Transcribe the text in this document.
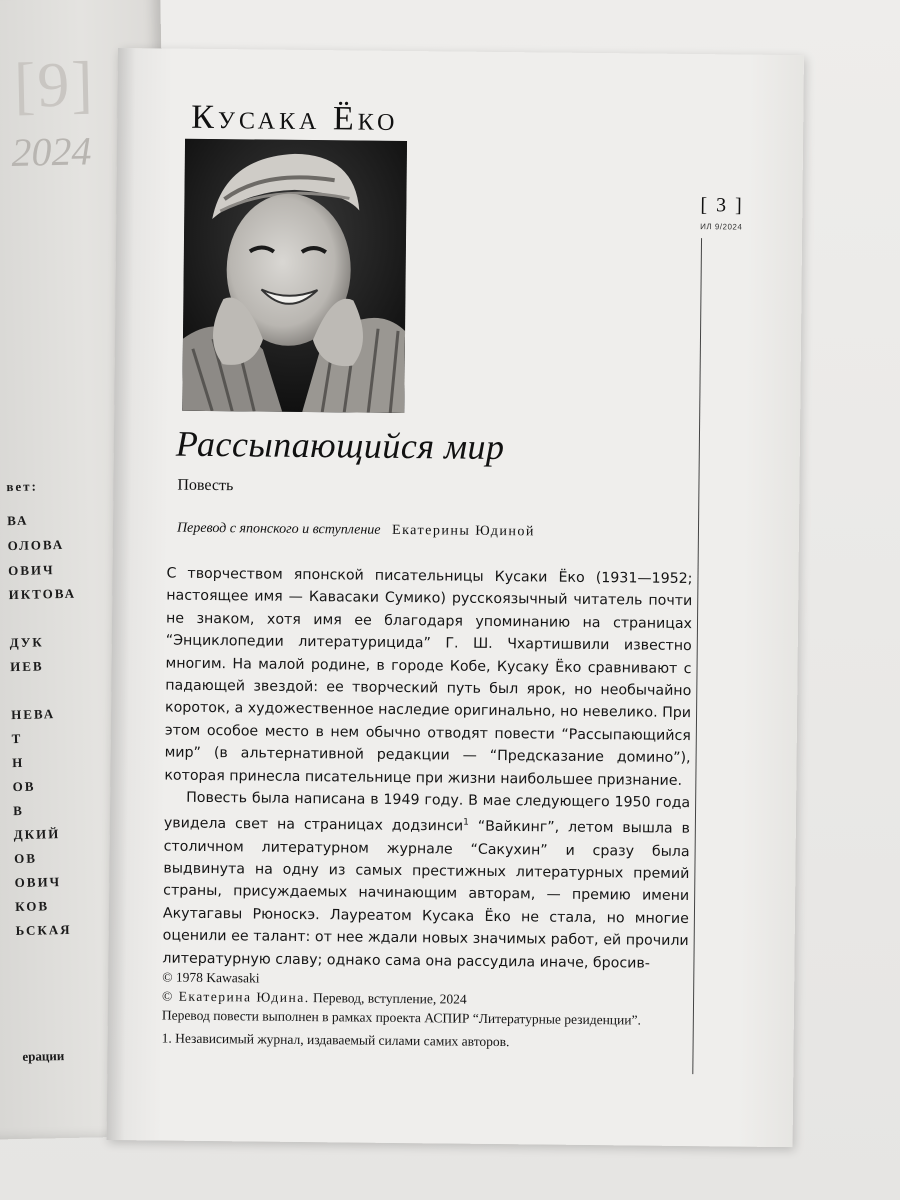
[9]
2024
вет:
ВА
ОЛОВА
ОВИЧ
ИКТОВА
ДУК
ИЕВ
НЕВА
Т
Н
ОВ
В
ДКИЙ
ОВ
ОВИЧ
КОВ
ЬСКАЯ
ерации
Кусака Ёко
[ 3 ]
ИЛ 9/2024
Рассыпающийся мир
Повесть
Перевод с японского и вступление Екатерины Юдиной

С творчеством японской писательницы Кусаки Ёко (1931—1952; настоящее имя — Кавасаки Сумико) русскоязычный читатель почти не знаком, хотя имя ее благодаря упоминанию на страницах “Энциклопедии литературицида” Г. Ш. Чхартишвили известно многим. На малой родине, в городе Кобе, Кусаку Ёко сравнивают с падающей звездой: ее творческий путь был ярок, но необычайно короток, а художественное наследие оригинально, но невелико. При этом особое место в нем обычно отводят повести “Рассыпающийся мир” (в альтернативной редакции — “Предсказание домино”), которая принесла писательнице при жизни наибольшее признание.

Повесть была написана в 1949 году. В мае следующего 1950 года увидела свет на страницах додзинси$^1$ “Вайкинг”, летом вышла в столичном литературном журнале “Сакухин” и сразу была выдвинута на одну из самых престижных литературных премий страны, присуждаемых начинающим авторам, — премию имени Акутагавы Рюноскэ. Лауреатом Кусака Ёко не стала, но многие оценили ее талант: от нее ждали новых значимых работ, ей прочили литературную славу; однако сама она рассудила иначе, бросив-

© 1978 Kawasaki
© Екатерина Юдина. Перевод, вступление, 2024
Перевод повести выполнен в рамках проекта АСПИР “Литературные резиденции”.
1. Независимый журнал, издаваемый силами самих авторов.
